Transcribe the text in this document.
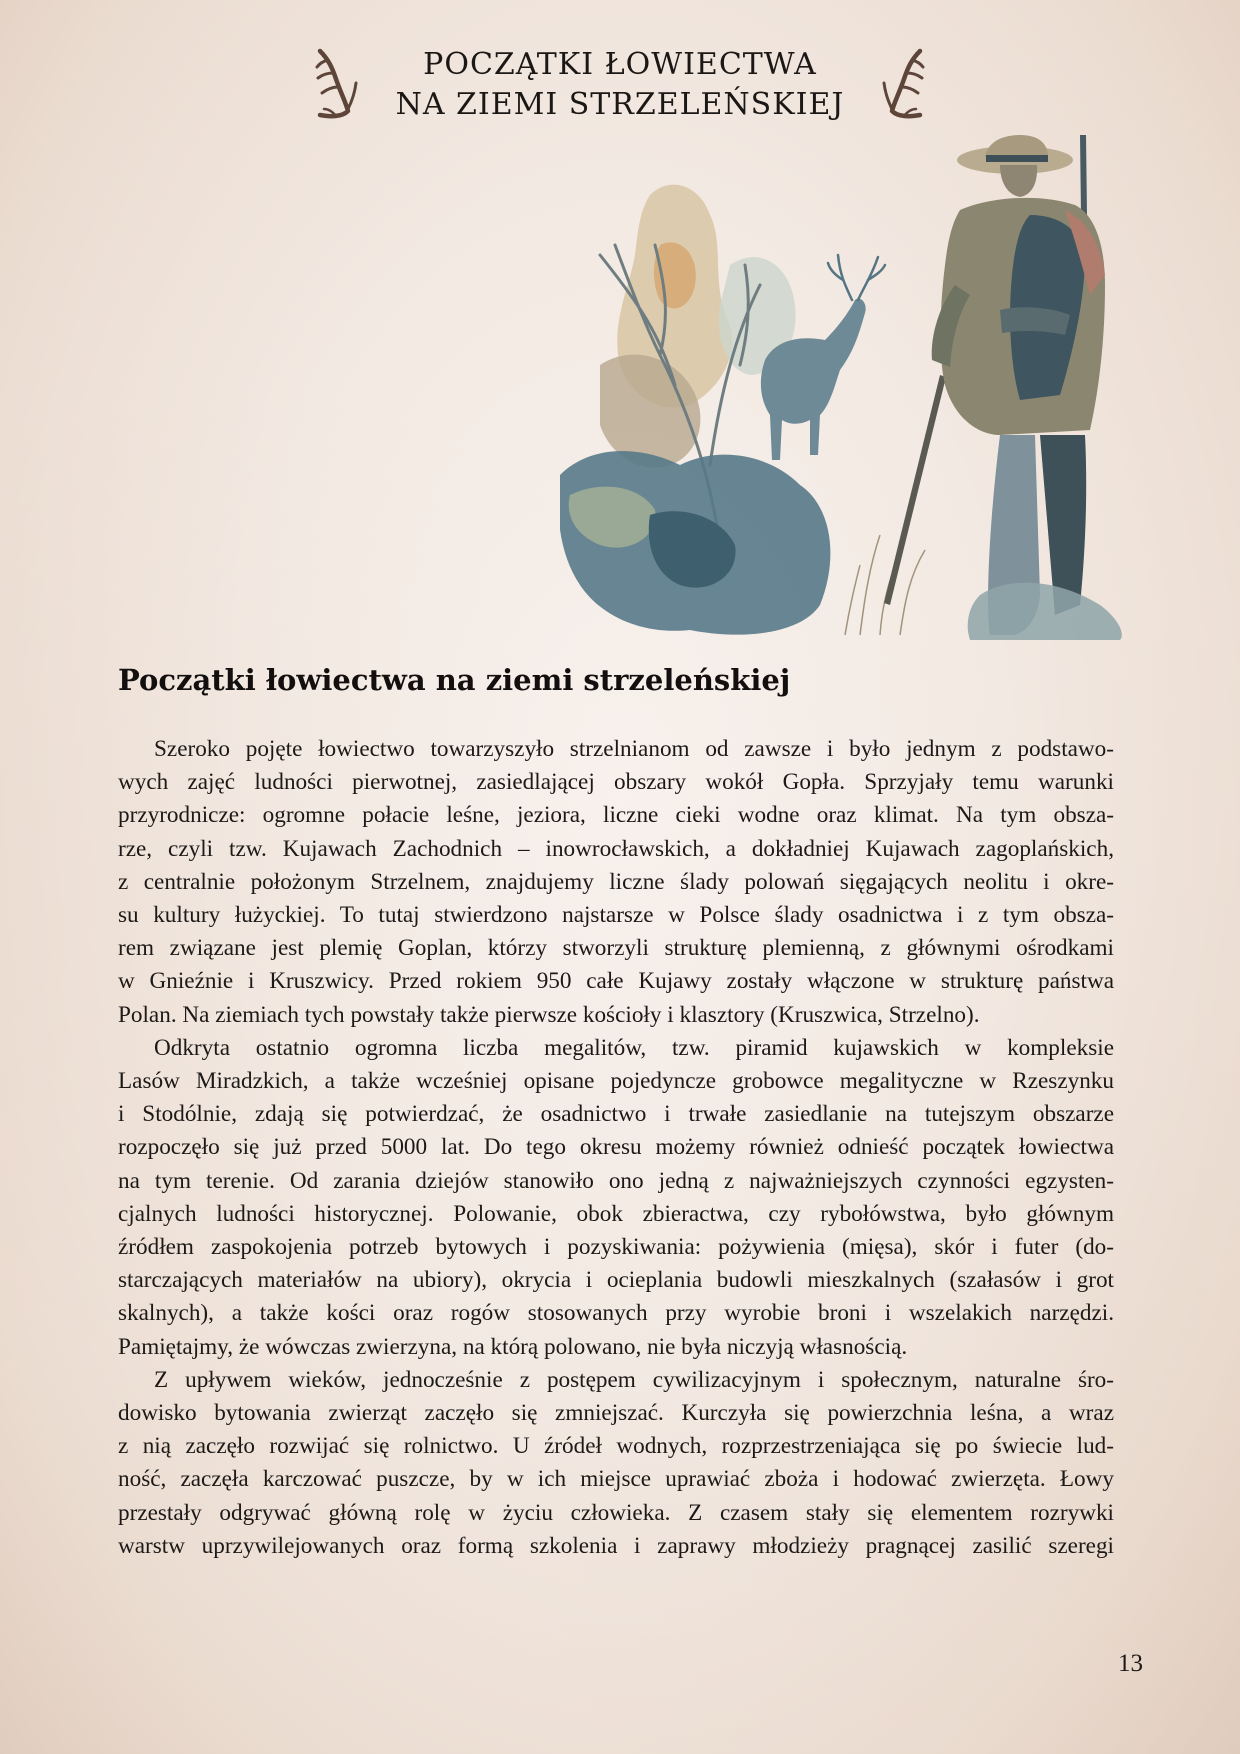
POCZĄTKI ŁOWIECTWA
NA ZIEMI STRZELEŃSKIEJ
Początki łowiectwa na ziemi strzeleńskiej

Szeroko pojęte łowiectwo towarzyszyło strzelnianom od zawsze i było jednym z podstawo-
wych zajęć ludności pierwotnej, zasiedlającej obszary wokół Gopła. Sprzyjały temu warunki
przyrodnicze: ogromne połacie leśne, jeziora, liczne cieki wodne oraz klimat. Na tym obsza-
rze, czyli tzw. Kujawach Zachodnich – inowrocławskich, a dokładniej Kujawach zagoplańskich,
z centralnie położonym Strzelnem, znajdujemy liczne ślady polowań sięgających neolitu i okre-
su kultury łużyckiej. To tutaj stwierdzono najstarsze w Polsce ślady osadnictwa i z tym obsza-
rem związane jest plemię Goplan, którzy stworzyli strukturę plemienną, z głównymi ośrodkami
w Gnieźnie i Kruszwicy. Przed rokiem 950 całe Kujawy zostały włączone w strukturę państwa
Polan. Na ziemiach tych powstały także pierwsze kościoły i klasztory (Kruszwica, Strzelno).

Odkryta ostatnio ogromna liczba megalitów, tzw. piramid kujawskich w kompleksie
Lasów Miradzkich, a także wcześniej opisane pojedyncze grobowce megalityczne w Rzeszynku
i Stodólnie, zdają się potwierdzać, że osadnictwo i trwałe zasiedlanie na tutejszym obszarze
rozpoczęło się już przed 5000 lat. Do tego okresu możemy również odnieść początek łowiectwa
na tym terenie. Od zarania dziejów stanowiło ono jedną z najważniejszych czynności egzysten-
cjalnych ludności historycznej. Polowanie, obok zbieractwa, czy rybołówstwa, było głównym
źródłem zaspokojenia potrzeb bytowych i pozyskiwania: pożywienia (mięsa), skór i futer (do-
starczających materiałów na ubiory), okrycia i ocieplania budowli mieszkalnych (szałasów i grot
skalnych), a także kości oraz rogów stosowanych przy wyrobie broni i wszelakich narzędzi.
Pamiętajmy, że wówczas zwierzyna, na którą polowano, nie była niczyją własnością.

Z upływem wieków, jednocześnie z postępem cywilizacyjnym i społecznym, naturalne śro-
dowisko bytowania zwierząt zaczęło się zmniejszać. Kurczyła się powierzchnia leśna, a wraz
z nią zaczęło rozwijać się rolnictwo. U źródeł wodnych, rozprzestrzeniająca się po świecie lud-
ność, zaczęła karczować puszcze, by w ich miejsce uprawiać zboża i hodować zwierzęta. Łowy
przestały odgrywać główną rolę w życiu człowieka. Z czasem stały się elementem rozrywki
warstw uprzywilejowanych oraz formą szkolenia i zaprawy młodzieży pragnącej zasilić szeregi

13
